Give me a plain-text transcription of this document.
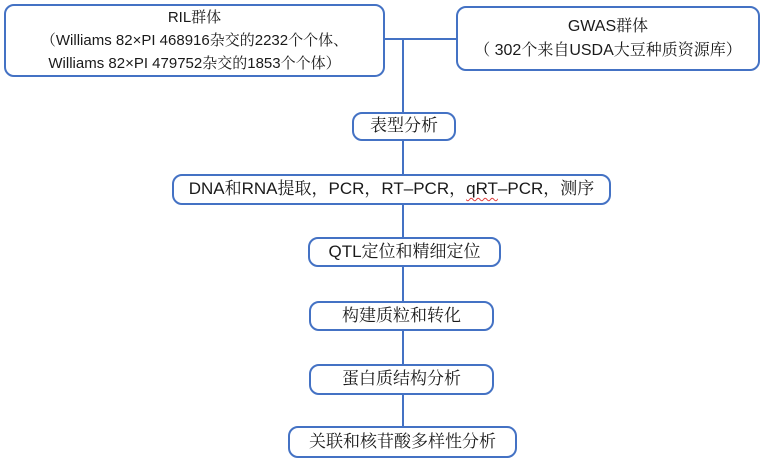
RIL群体
（Williams 82×PI 468916杂交的2232个个体、
Williams 82×PI 479752杂交的1853个个体）
GWAS群体
（ 302个来自USDA大豆种质资源库）
表型分析
DNA和RNA提取，PCR，RT–PCR，qRT–PCR，测序
QTL定位和精细定位
构建质粒和转化
蛋白质结构分析
关联和核苷酸多样性分析
